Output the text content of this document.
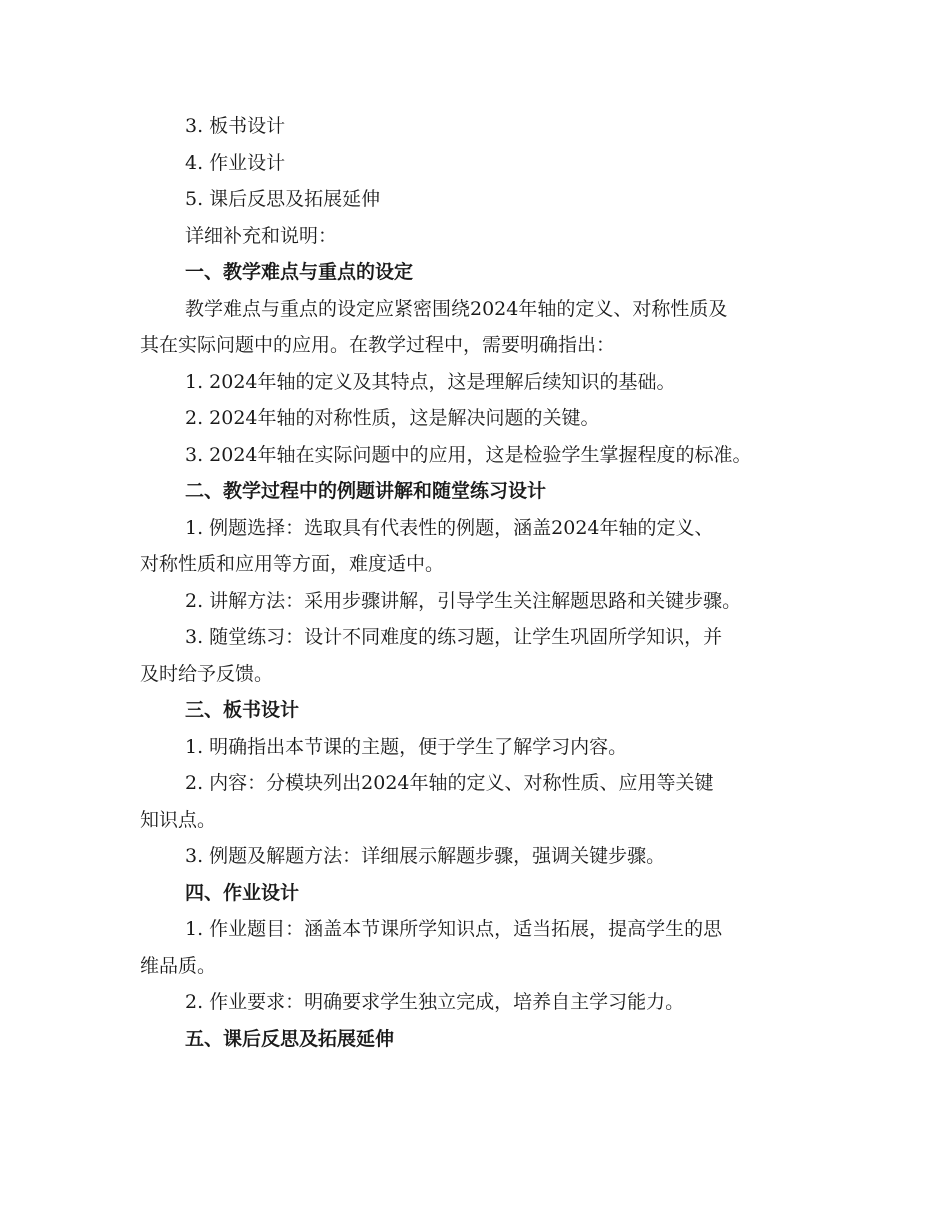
3. 板书设计
4. 作业设计
5. 课后反思及拓展延伸
详细补充和说明：
一、教学难点与重点的设定
教学难点与重点的设定应紧密围绕2024年轴的定义、对称性质及
其在实际问题中的应用。在教学过程中，需要明确指出：
1. 2024年轴的定义及其特点，这是理解后续知识的基础。
2. 2024年轴的对称性质，这是解决问题的关键。
3. 2024年轴在实际问题中的应用，这是检验学生掌握程度的标准。
二、教学过程中的例题讲解和随堂练习设计
1. 例题选择：选取具有代表性的例题，涵盖2024年轴的定义、
对称性质和应用等方面，难度适中。
2. 讲解方法：采用步骤讲解，引导学生关注解题思路和关键步骤。
3. 随堂练习：设计不同难度的练习题，让学生巩固所学知识，并
及时给予反馈。
三、板书设计
1. 明确指出本节课的主题，便于学生了解学习内容。
2. 内容：分模块列出2024年轴的定义、对称性质、应用等关键
知识点。
3. 例题及解题方法：详细展示解题步骤，强调关键步骤。
四、作业设计
1. 作业题目：涵盖本节课所学知识点，适当拓展，提高学生的思
维品质。
2. 作业要求：明确要求学生独立完成，培养自主学习能力。
五、课后反思及拓展延伸
